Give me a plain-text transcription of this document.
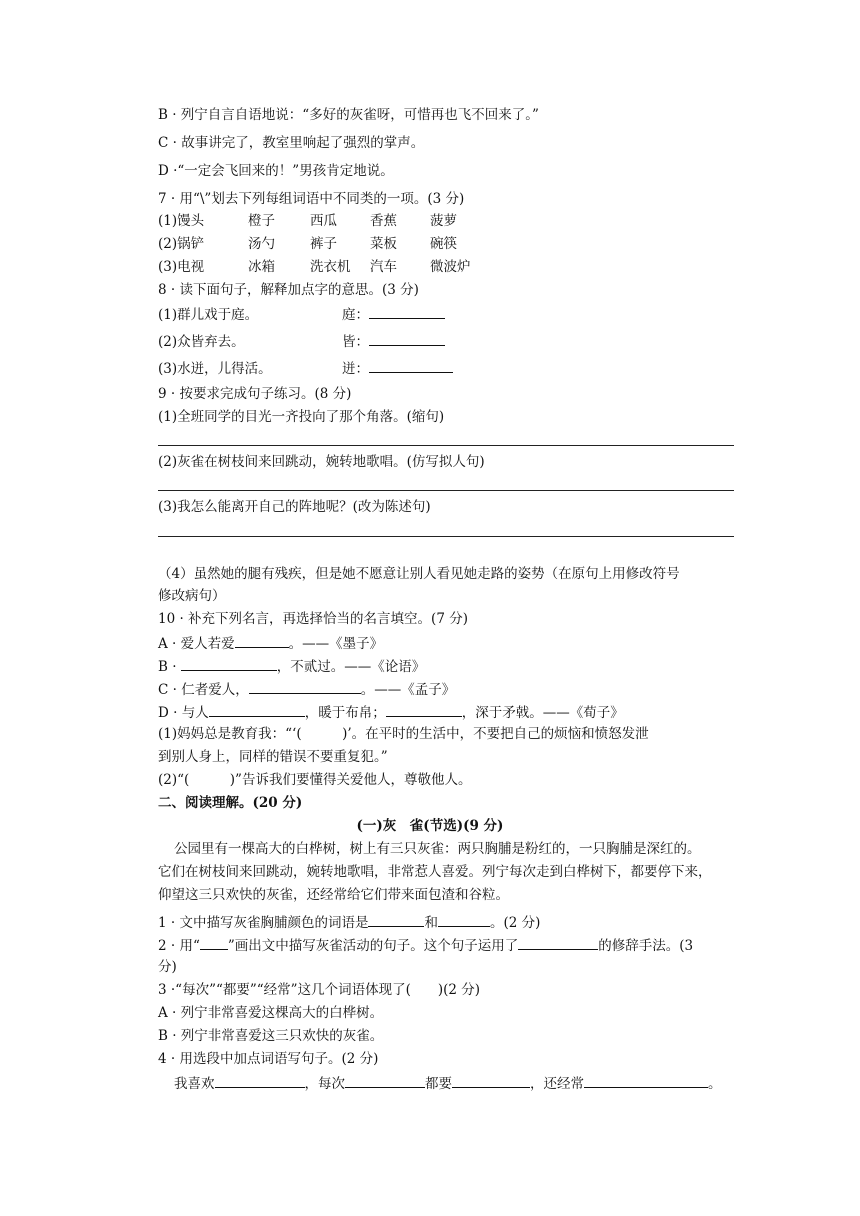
B · 列宁自言自语地说：“多好的灰雀呀，可惜再也飞不回来了。”
C · 故事讲完了，教室里响起了强烈的掌声。
D ·“一定会飞回来的！”男孩肯定地说。
7 · 用“\”划去下列每组词语中不同类的一项。(3 分)
(1)馒头	橙子	西瓜 香蕉 菠萝
(2)锅铲	汤勺	裤子 菜板 碗筷
(3)电视	冰箱	洗衣机 汽车 微波炉
8 · 读下面句子，解释加点字的意思。(3 分)
(1)群儿戏于庭。	庭：
(2)众皆弃去。	皆：
(3)水迸，儿得活。	迸：
9 · 按要求完成句子练习。(8 分)
(1)全班同学的目光一齐投向了那个角落。(缩句)
(2)灰雀在树枝间来回跳动，婉转地歌唱。(仿写拟人句)
(3)我怎么能离开自己的阵地呢？(改为陈述句)
（4）虽然她的腿有残疾，但是她不愿意让别人看见她走路的姿势（在原句上用修改符号
修改病句）
10 · 补充下列名言，再选择恰当的名言填空。(7 分)
A · 爱人若爱	。——《墨子》
B ·	，不贰过。——《论语》
C · 仁者爱人，	。——《孟子》
D · 与人	，暖于布帛；	，深于矛戟。——《荀子》
(1)妈妈总是教育我：“‘(　　　)’。在平时的生活中，不要把自己的烦恼和愤怒发泄
到别人身上，同样的错误不要重复犯。”
(2)“(　　　)”告诉我们要懂得关爱他人，尊敬他人。
二、阅读理解。(20 分)
(一)灰　雀(节选)(9 分)
公园里有一棵高大的白桦树，树上有三只灰雀：两只胸脯是粉红的，一只胸脯是深红的。
它们在树枝间来回跳动，婉转地歌唱，非常惹人喜爱。列宁每次走到白桦树下，都要停下来，
仰望这三只欢快的灰雀，还经常给它们带来面包渣和谷粒。
1 · 文中描写灰雀胸脯颜色的词语是	和	。(2 分)
2 · 用“ ”画出文中描写灰雀活动的句子。这个句子运用了	的修辞手法。(3
分)
3 ·“每次”“都要”“经常”这几个词语体现了(　　)(2 分)
A · 列宁非常喜爱这棵高大的白桦树。
B · 列宁非常喜爱这三只欢快的灰雀。
4 · 用选段中加点词语写句子。(2 分)
我喜欢	，每次	都要	，还经常	。
